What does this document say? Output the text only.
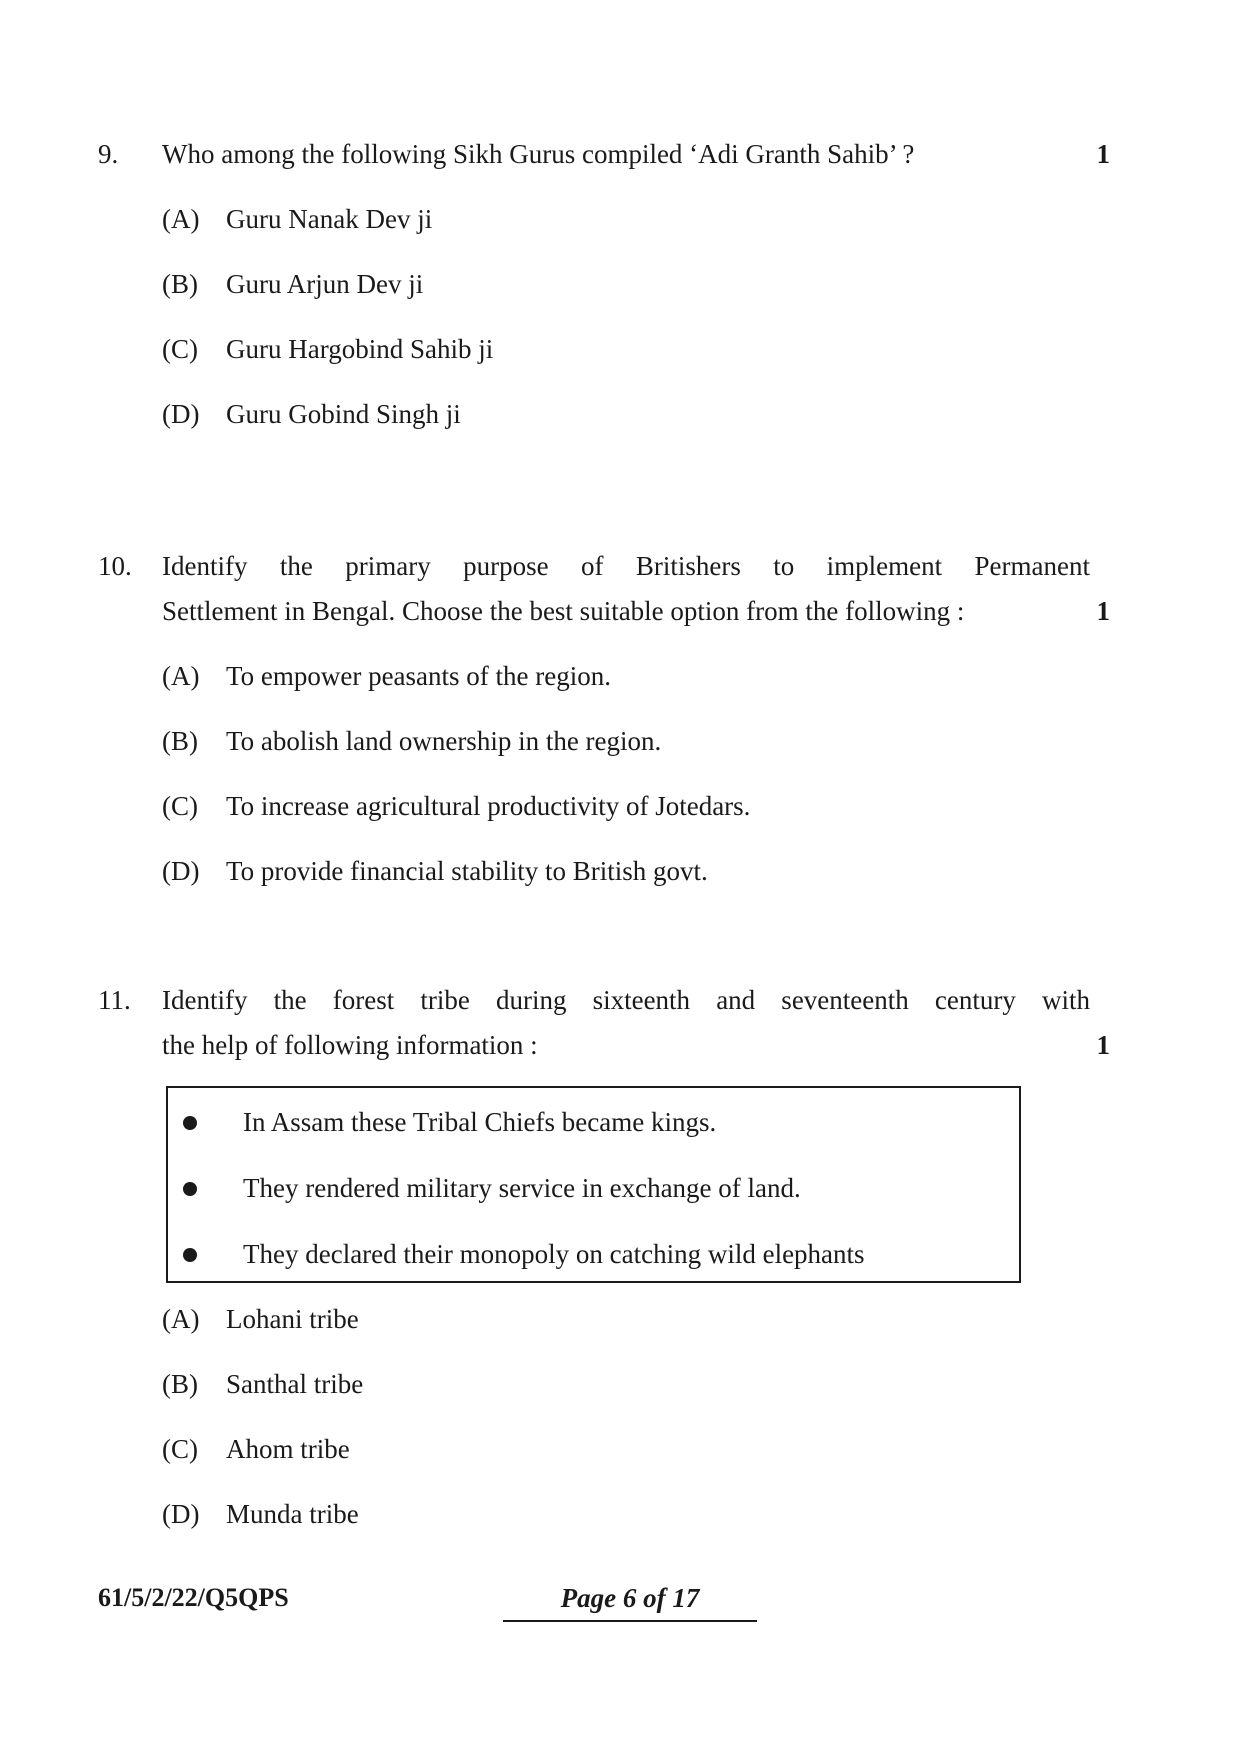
9.	Who among the following Sikh Gurus compiled ‘Adi Granth Sahib’ ?	1
(A) Guru Nanak Dev ji
(B)	Guru Arjun Dev ji
(C)	Guru Hargobind Sahib ji
(D) Guru Gobind Singh ji
10.	Identify the primary purpose of Britishers to implement Permanent
Settlement in Bengal. Choose the best suitable option from the following :	1
(A) To empower peasants of the region.
(B)	To abolish land ownership in the region.
(C)	To increase agricultural productivity of Jotedars.
(D) To provide financial stability to British govt.
11.	Identify the forest tribe during sixteenth and seventeenth century with
the help of following information :	1
In Assam these Tribal Chiefs became kings.
They rendered military service in exchange of land.
They declared their monopoly on catching wild elephants
(A) Lohani tribe
(B)	Santhal tribe
(C)	Ahom tribe
(D) Munda tribe
61/5/2/22/Q5QPS	Page 6 of 17
